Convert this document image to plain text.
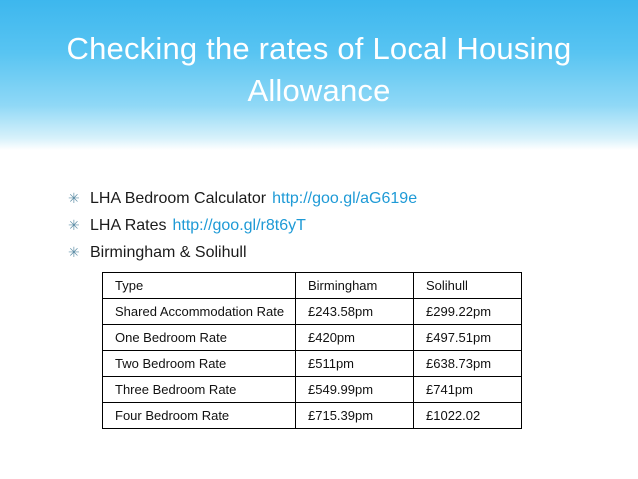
Checking the rates of Local Housing
Allowance
✳ LHA Bedroom Calculator http://goo.gl/aG619e
✳ LHA Rates http://goo.gl/r8t6yT
✳ Birmingham & Solihull
Type	Birmingham	Solihull
Shared Accommodation Rate	£243.58pm	£299.22pm
One Bedroom Rate	£420pm	£497.51pm
Two Bedroom Rate	£511pm	£638.73pm
Three Bedroom Rate	£549.99pm	£741pm
Four Bedroom Rate	£715.39pm	£1022.02
